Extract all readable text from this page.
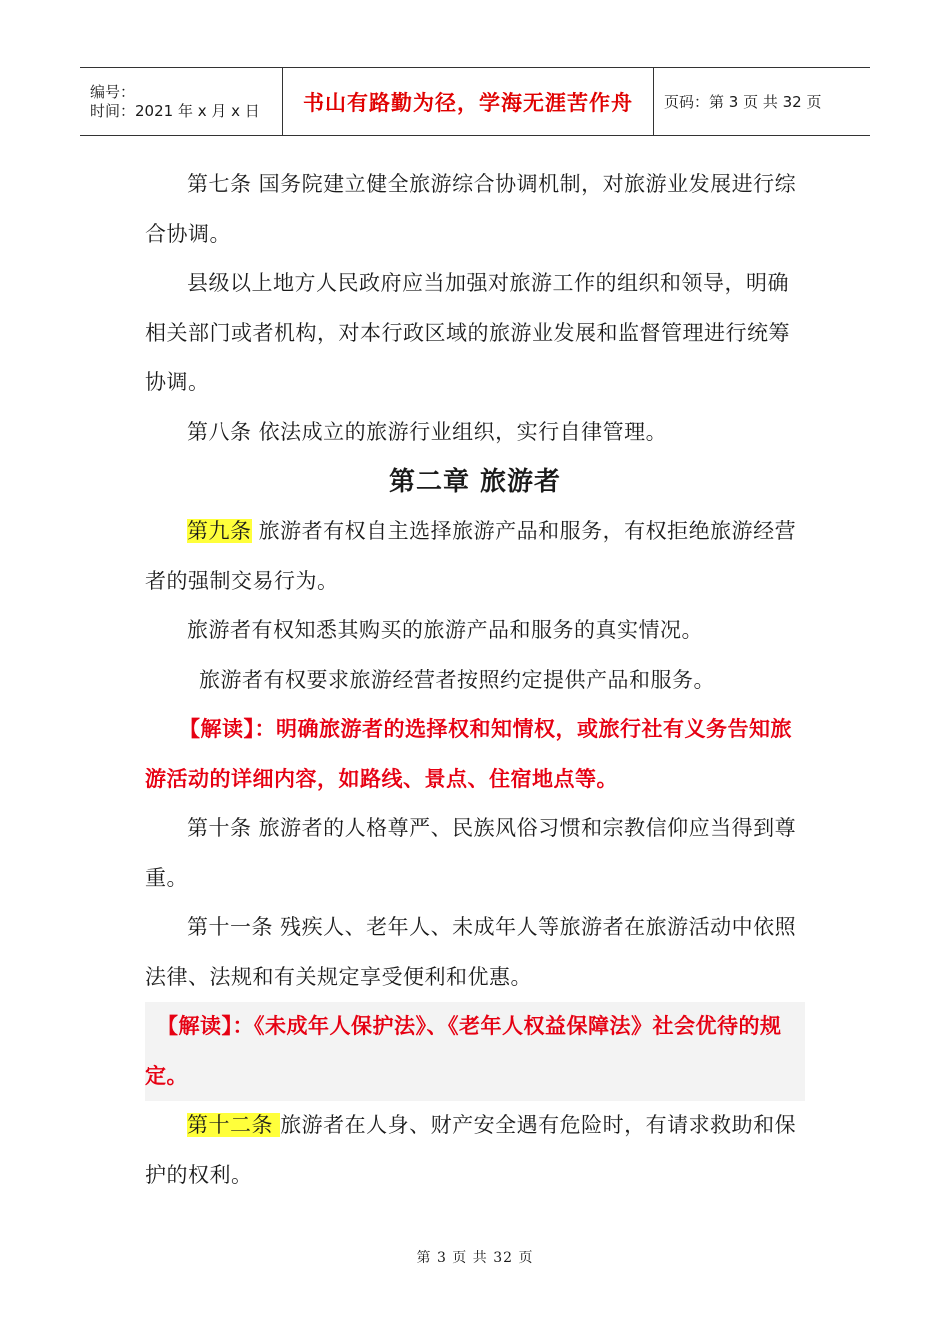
编号：
时间：2021 年 x 月 x 日	书山有路勤为径，学海无涯苦作舟	页码：第 3 页 共 32 页

第七条 国务院建立健全旅游综合协调机制，对旅游业发展进行综合协调。

县级以上地方人民政府应当加强对旅游工作的组织和领导，明确相关部门或者机构，对本行政区域的旅游业发展和监督管理进行统筹协调。

第八条 依法成立的旅游行业组织，实行自律管理。

第二章 旅游者

第九条 旅游者有权自主选择旅游产品和服务，有权拒绝旅游经营者的强制交易行为。

旅游者有权知悉其购买的旅游产品和服务的真实情况。

旅游者有权要求旅游经营者按照约定提供产品和服务。

【解读】：明确旅游者的选择权和知情权，或旅行社有义务告知旅游活动的详细内容，如路线、景点、住宿地点等。

第十条 旅游者的人格尊严、民族风俗习惯和宗教信仰应当得到尊重。

第十一条 残疾人、老年人、未成年人等旅游者在旅游活动中依照法律、法规和有关规定享受便利和优惠。

【解读】：《未成年人保护法》、《老年人权益保障法》社会优待的规定。

第十二条 旅游者在人身、财产安全遇有危险时，有请求救助和保护的权利。

第 3 页 共 32 页
